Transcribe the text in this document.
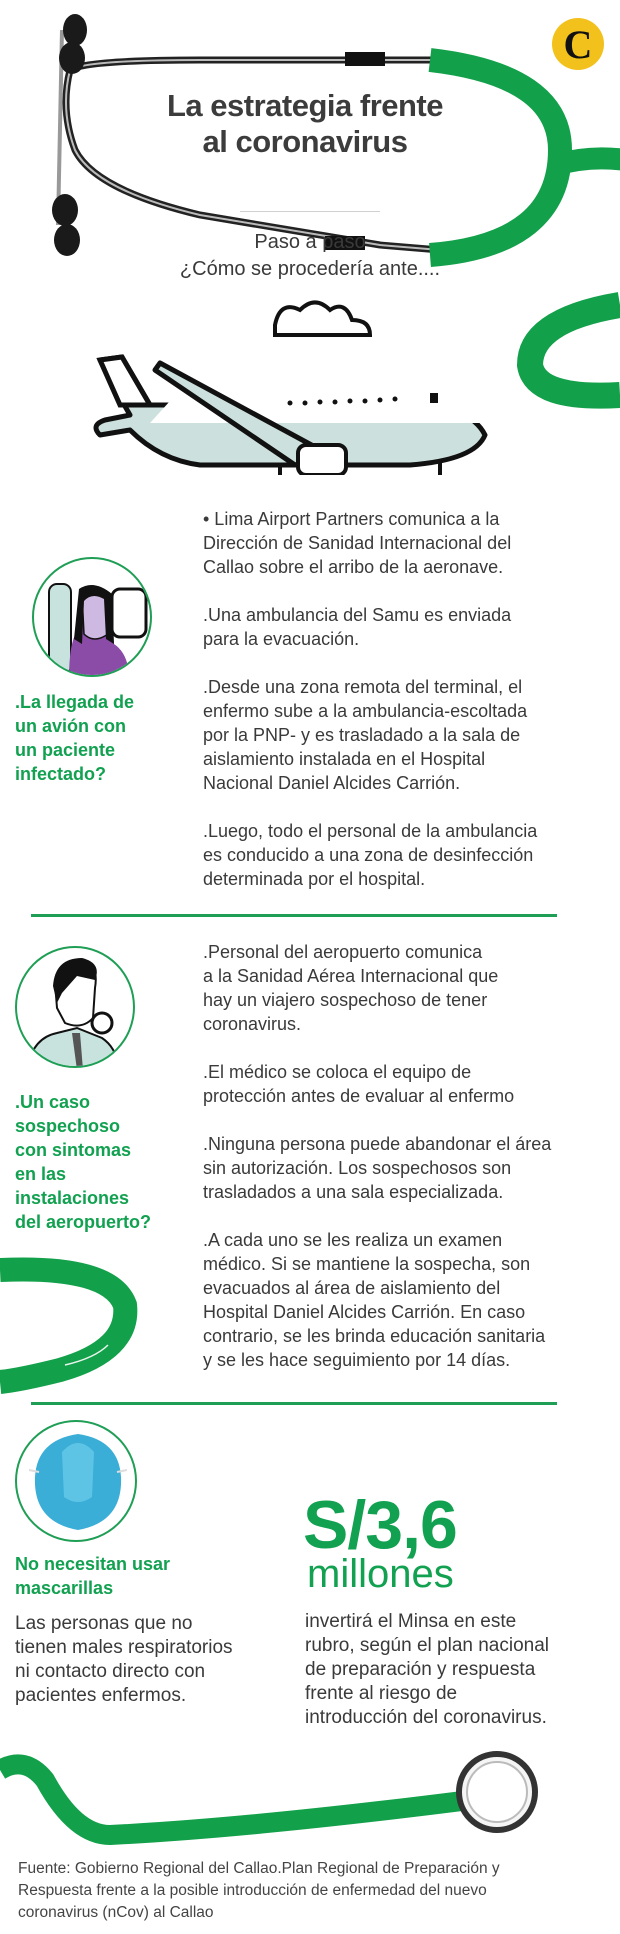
C
La estrategia frente
al coronavirus
Paso a paso
¿Cómo se procedería ante....
.La llegada de
un avión con
un paciente
infectado?

• Lima Airport Partners comunica a la
Dirección de Sanidad Internacional del
Callao sobre el arribo de la aeronave.

.Una ambulancia del Samu es enviada
para la evacuación.

.Desde una zona remota del terminal, el
enfermo sube a la ambulancia-escoltada
por la PNP- y es trasladado a la sala de
aislamiento instalada en el Hospital
Nacional Daniel Alcides Carrión.

.Luego, todo el personal de la ambulancia
es conducido a una zona de desinfección
determinada por el hospital.

.Un caso
sospechoso
con sintomas
en las
instalaciones
del aeropuerto?

.Personal del aeropuerto comunica
a la Sanidad Aérea Internacional que
hay un viajero sospechoso de tener
coronavirus.

.El médico se coloca el equipo de
protección antes de evaluar al enfermo

.Ninguna persona puede abandonar el área
sin autorización. Los sospechosos son
trasladados a una sala especializada.

.A cada uno se les realiza un examen
médico. Si se mantiene la sospecha, son
evacuados al área de aislamiento del
Hospital Daniel Alcides Carrión. En caso
contrario, se les brinda educación sanitaria
y se les hace seguimiento por 14 días.

No necesitan usar
mascarillas
Las personas que no
tienen males respiratorios
ni contacto directo con
pacientes enfermos.
S/3,6
millones
invertirá el Minsa en este
rubro, según el plan nacional
de preparación y respuesta
frente al riesgo de
introducción del coronavirus.
Fuente: Gobierno Regional del Callao.Plan Regional de Preparación y
Respuesta frente a la posible introducción de enfermedad del nuevo
coronavirus (nCov) al Callao
